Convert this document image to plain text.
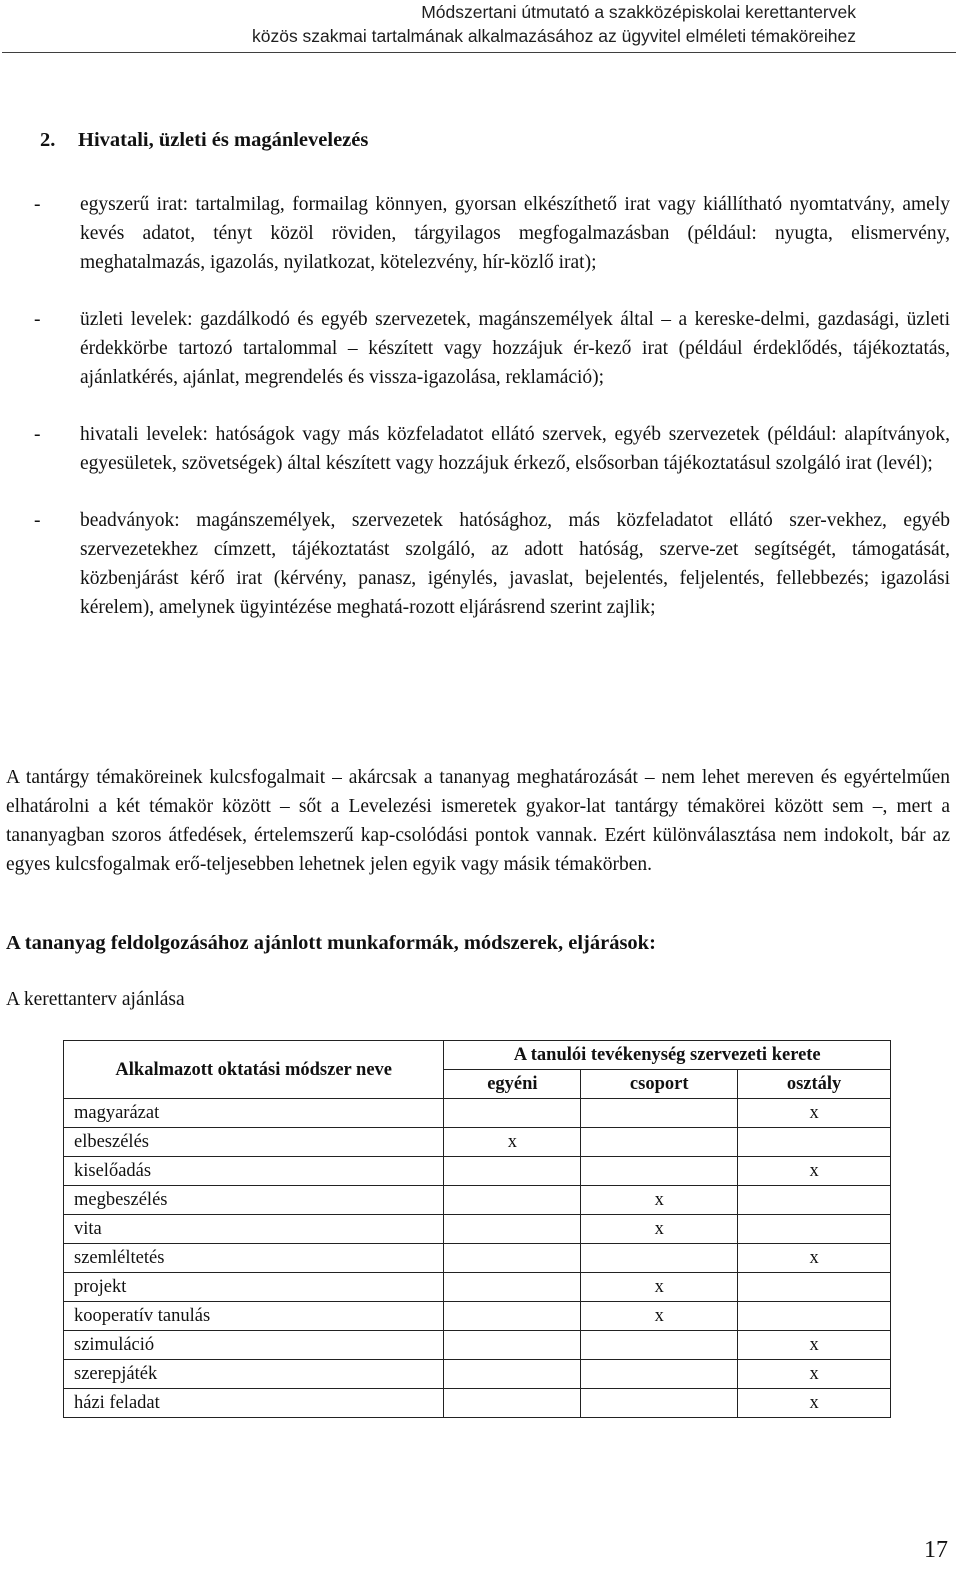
Módszertani útmutató a szakközépiskolai kerettantervek
közös szakmai tartalmának alkalmazásához az ügyvitel elméleti témaköreihez
2. Hivatali, üzleti és magánlevelezés
- egyszerű irat: tartalmilag, formailag könnyen, gyorsan elkészíthető irat vagy kiállítható nyomtatvány, amely kevés adatot, tényt közöl röviden, tárgyilagos megfogalmazásban (például: nyugta, elismervény, meghatalmazás, igazolás, nyilatkozat, kötelezvény, hír-közlő irat);
- üzleti levelek: gazdálkodó és egyéb szervezetek, magánszemélyek által – a kereske-delmi, gazdasági, üzleti érdekkörbe tartozó tartalommal – készített vagy hozzájuk ér-kező irat (például érdeklődés, tájékoztatás, ajánlatkérés, ajánlat, megrendelés és vissza-igazolása, reklamáció);
- hivatali levelek: hatóságok vagy más közfeladatot ellátó szervek, egyéb szervezetek (például: alapítványok, egyesületek, szövetségek) által készített vagy hozzájuk érkező, elsősorban tájékoztatásul szolgáló irat (levél);
- beadványok: magánszemélyek, szervezetek hatósághoz, más közfeladatot ellátó szer-vekhez, egyéb szervezetekhez címzett, tájékoztatást szolgáló, az adott hatóság, szerve-zet segítségét, támogatását, közbenjárást kérő irat (kérvény, panasz, igénylés, javaslat, bejelentés, feljelentés, fellebbezés; igazolási kérelem), amelynek ügyintézése meghatá-rozott eljárásrend szerint zajlik;
A tantárgy témaköreinek kulcsfogalmait – akárcsak a tananyag meghatározását – nem lehet mereven és egyértelműen elhatárolni a két témakör között – sőt a Levelezési ismeretek gyakor-lat tantárgy témakörei között sem –, mert a tananyagban szoros átfedések, értelemszerű kap-csolódási pontok vannak. Ezért különválasztása nem indokolt, bár az egyes kulcsfogalmak erő-teljesebben lehetnek jelen egyik vagy másik témakörben.
A tananyag feldolgozásához ajánlott munkaformák, módszerek, eljárások:
A kerettanterv ajánlása
Alkalmazott oktatási módszer neve	A tanulói tevékenység szervezeti kerete		
	egyéni	csoport	osztály
magyarázat			x
elbeszélés	x		
kiselőadás			x
megbeszélés		x	
vita		x	
szemléltetés			x
projekt		x	
kooperatív tanulás		x	
szimuláció			x
szerepjáték			x
házi feladat			x
17
